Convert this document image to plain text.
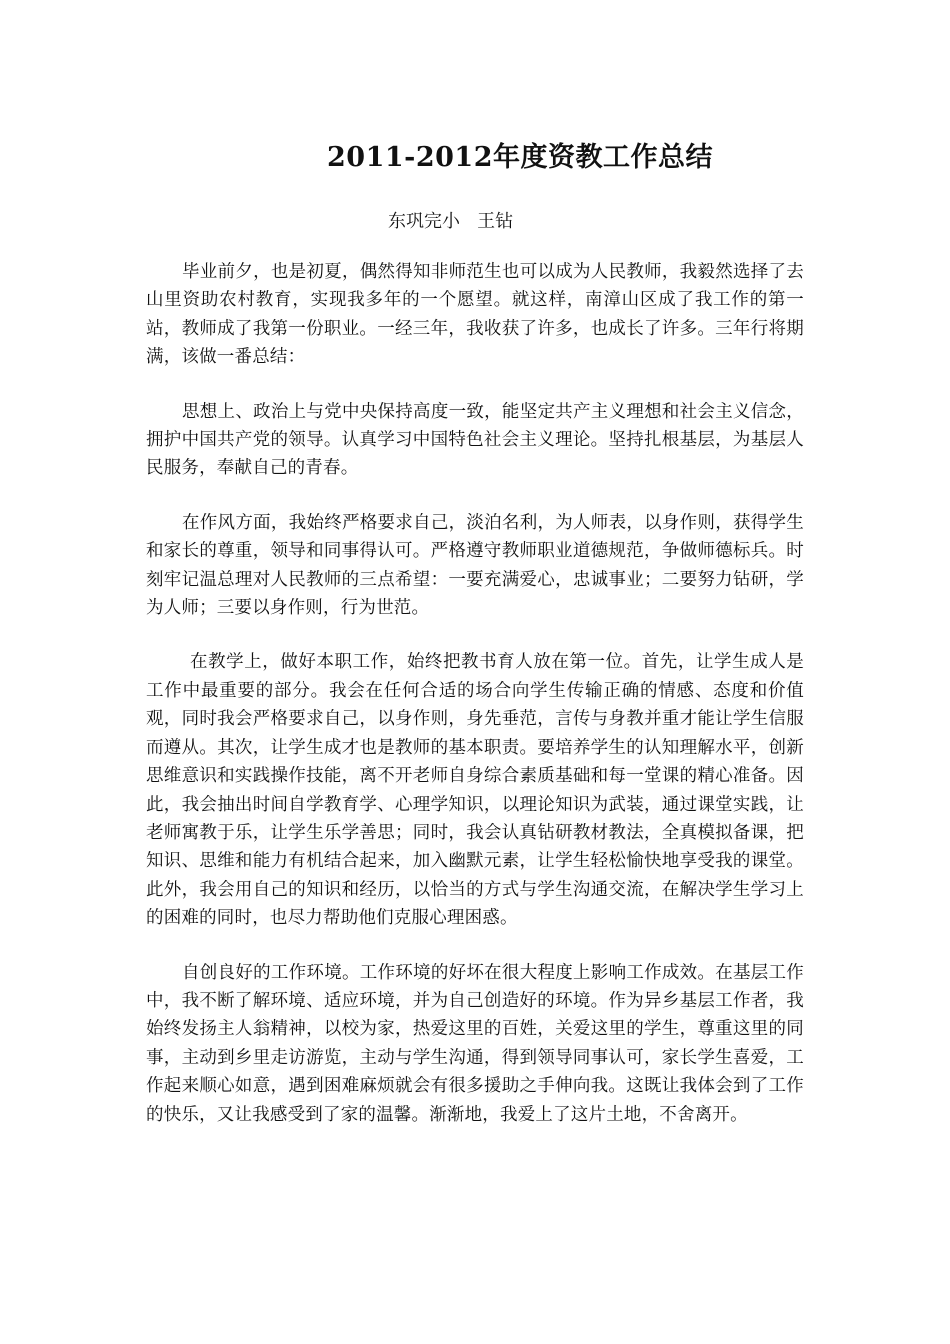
2011-2012年度资教工作总结

东巩完小   王钻

毕业前夕，也是初夏，偶然得知非师范生也可以成为人民教师，我毅然选择了去山里资助农村教育，实现我多年的一个愿望。就这样，南漳山区成了我工作的第一站，教师成了我第一份职业。一经三年，我收获了许多，也成长了许多。三年行将期满，该做一番总结：

思想上、政治上与党中央保持高度一致，能坚定共产主义理想和社会主义信念，拥护中国共产党的领导。认真学习中国特色社会主义理论。坚持扎根基层，为基层人民服务，奉献自己的青春。

在作风方面，我始终严格要求自己，淡泊名利，为人师表，以身作则，获得学生和家长的尊重，领导和同事得认可。严格遵守教师职业道德规范，争做师德标兵。时刻牢记温总理对人民教师的三点希望：一要充满爱心，忠诚事业；二要努力钻研，学为人师；三要以身作则，行为世范。

在教学上，做好本职工作，始终把教书育人放在第一位。首先，让学生成人是工作中最重要的部分。我会在任何合适的场合向学生传输正确的情感、态度和价值观，同时我会严格要求自己，以身作则，身先垂范，言传与身教并重才能让学生信服而遵从。其次，让学生成才也是教师的基本职责。要培养学生的认知理解水平，创新思维意识和实践操作技能，离不开老师自身综合素质基础和每一堂课的精心准备。因此，我会抽出时间自学教育学、心理学知识，以理论知识为武装，通过课堂实践，让老师寓教于乐，让学生乐学善思；同时，我会认真钻研教材教法，全真模拟备课，把知识、思维和能力有机结合起来，加入幽默元素，让学生轻松愉快地享受我的课堂。此外，我会用自己的知识和经历，以恰当的方式与学生沟通交流，在解决学生学习上的困难的同时，也尽力帮助他们克服心理困惑。

自创良好的工作环境。工作环境的好坏在很大程度上影响工作成效。在基层工作中，我不断了解环境、适应环境，并为自己创造好的环境。作为异乡基层工作者，我始终发扬主人翁精神，以校为家，热爱这里的百姓，关爱这里的学生，尊重这里的同事，主动到乡里走访游览，主动与学生沟通，得到领导同事认可，家长学生喜爱，工作起来顺心如意，遇到困难麻烦就会有很多援助之手伸向我。这既让我体会到了工作的快乐，又让我感受到了家的温馨。渐渐地，我爱上了这片土地，不舍离开。
